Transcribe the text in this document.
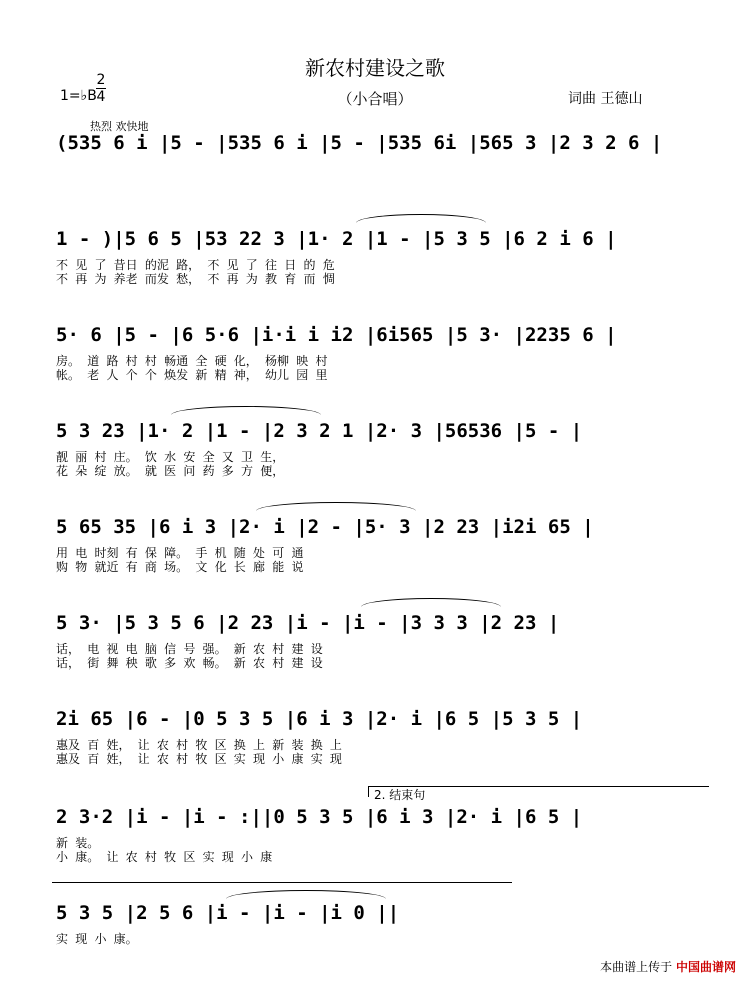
新农村建设之歌
（小合唱）	词曲 王德山
1=♭B
2
4
热烈 欢快地
(535 6 i |5 - |535 6 i |5 - |535 6i |565 3 |2 3 2 6 |
1 - )|5 6 5 |53 22 3 |1· 2 |1 - |5 3 5 |6 2 i 6 |
不 见 了 昔日 的泥 路， 不 见 了 往 日 的 危
不 再 为 养老 而发 愁， 不 再 为 教 育 而 惆
5· 6 |5 - |6 5·6 |i·i i i2 |6i565 |5 3· |2235 6 |
房。 道 路 村 村 畅通 全 硬 化， 杨柳 映 村
帐。 老 人 个 个 焕发 新 精 神， 幼儿 园 里
5 3 23 |1· 2 |1 - |2 3 2 1 |2· 3 |56536 |5 - |
靓 丽 村 庄。 饮 水 安 全 又 卫 生，
花 朵 绽 放。 就 医 问 药 多 方 便，
5 65 35 |6 i 3 |2· i |2 - |5· 3 |2 23 |i2i 65 |
用 电 时刻 有 保 障。 手 机 随 处 可 通
购 物 就近 有 商 场。 文 化 长 廊 能 说
5 3· |5 3 5 6 |2 23 |i - |i - |3 3 3 |2 23 |
话， 电 视 电 脑 信 号 强。 新 农 村 建 设
话， 街 舞 秧 歌 多 欢 畅。 新 农 村 建 设
2i 65 |6 - |0 5 3 5 |6 i 3 |2· i |6 5 |5 3 5 |
惠及 百 姓， 让 农 村 牧 区 换 上 新 装 换 上
惠及 百 姓， 让 农 村 牧 区 实 现 小 康 实 现
2. 结束句
2 3·2 |i - |i - :||0 5 3 5 |6 i 3 |2· i |6 5 |
新 装。
小 康。 让 农 村 牧 区 实 现 小 康
5 3 5 |2 5 6 |i - |i - |i 0 ||
实 现 小 康。
本曲谱上传于 中国曲谱网
